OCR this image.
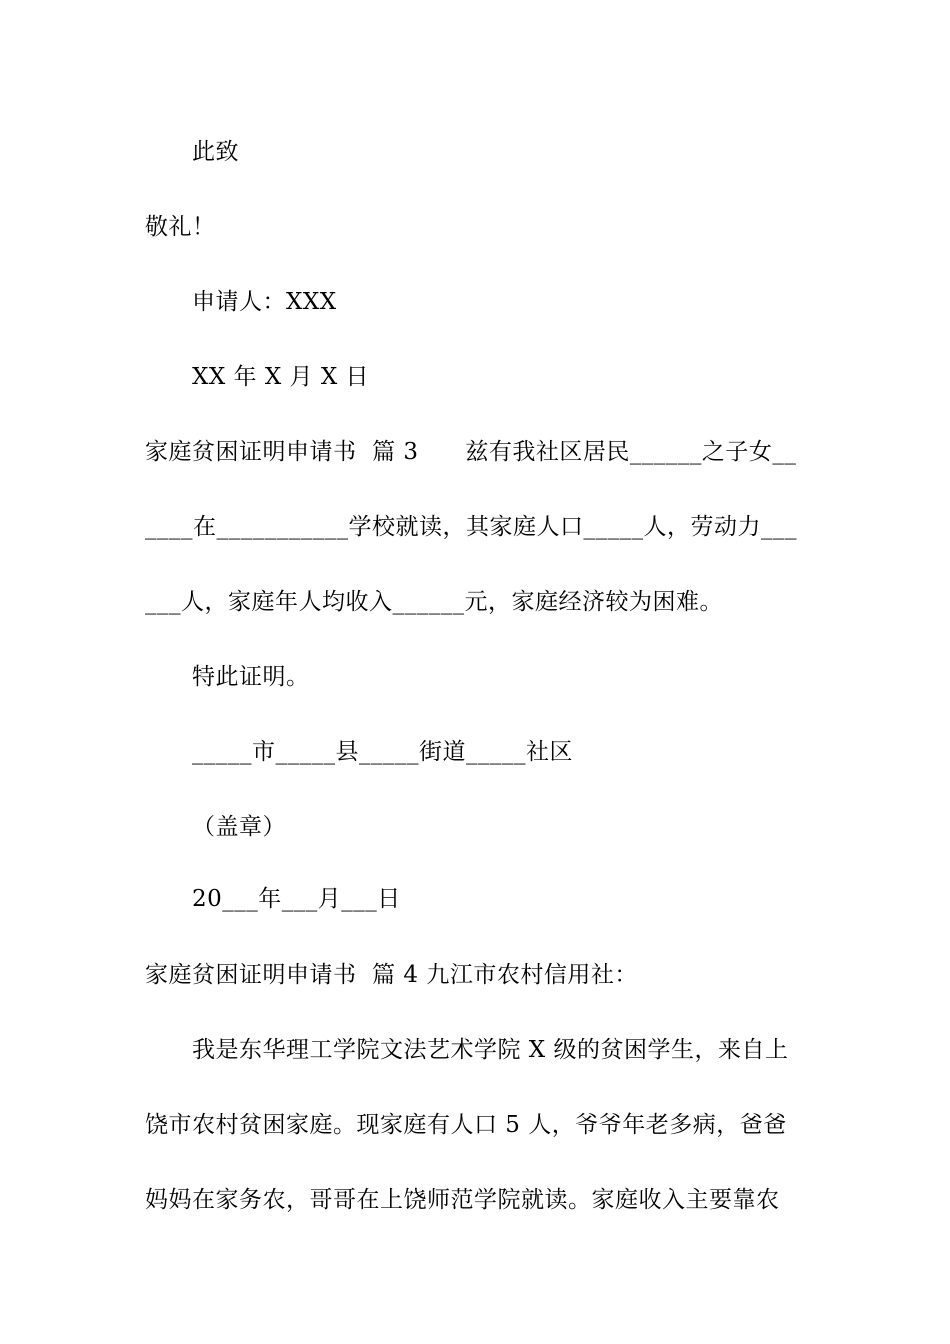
此致
敬礼！
申请人：XXX
XX 年 X 月 X 日
家庭贫困证明申请书  篇 3      兹有我社区居民______之子女__
____在___________学校就读，其家庭人口_____人，劳动力___
___人，家庭年人均收入______元，家庭经济较为困难。
特此证明。
_____市_____县_____街道_____社区
（盖章）
20___年___月___日
家庭贫困证明申请书  篇 4 九江市农村信用社：
我是东华理工学院文法艺术学院 X 级的贫困学生，来自上
饶市农村贫困家庭。现家庭有人口 5 人，爷爷年老多病，爸爸
妈妈在家务农，哥哥在上饶师范学院就读。家庭收入主要靠农
